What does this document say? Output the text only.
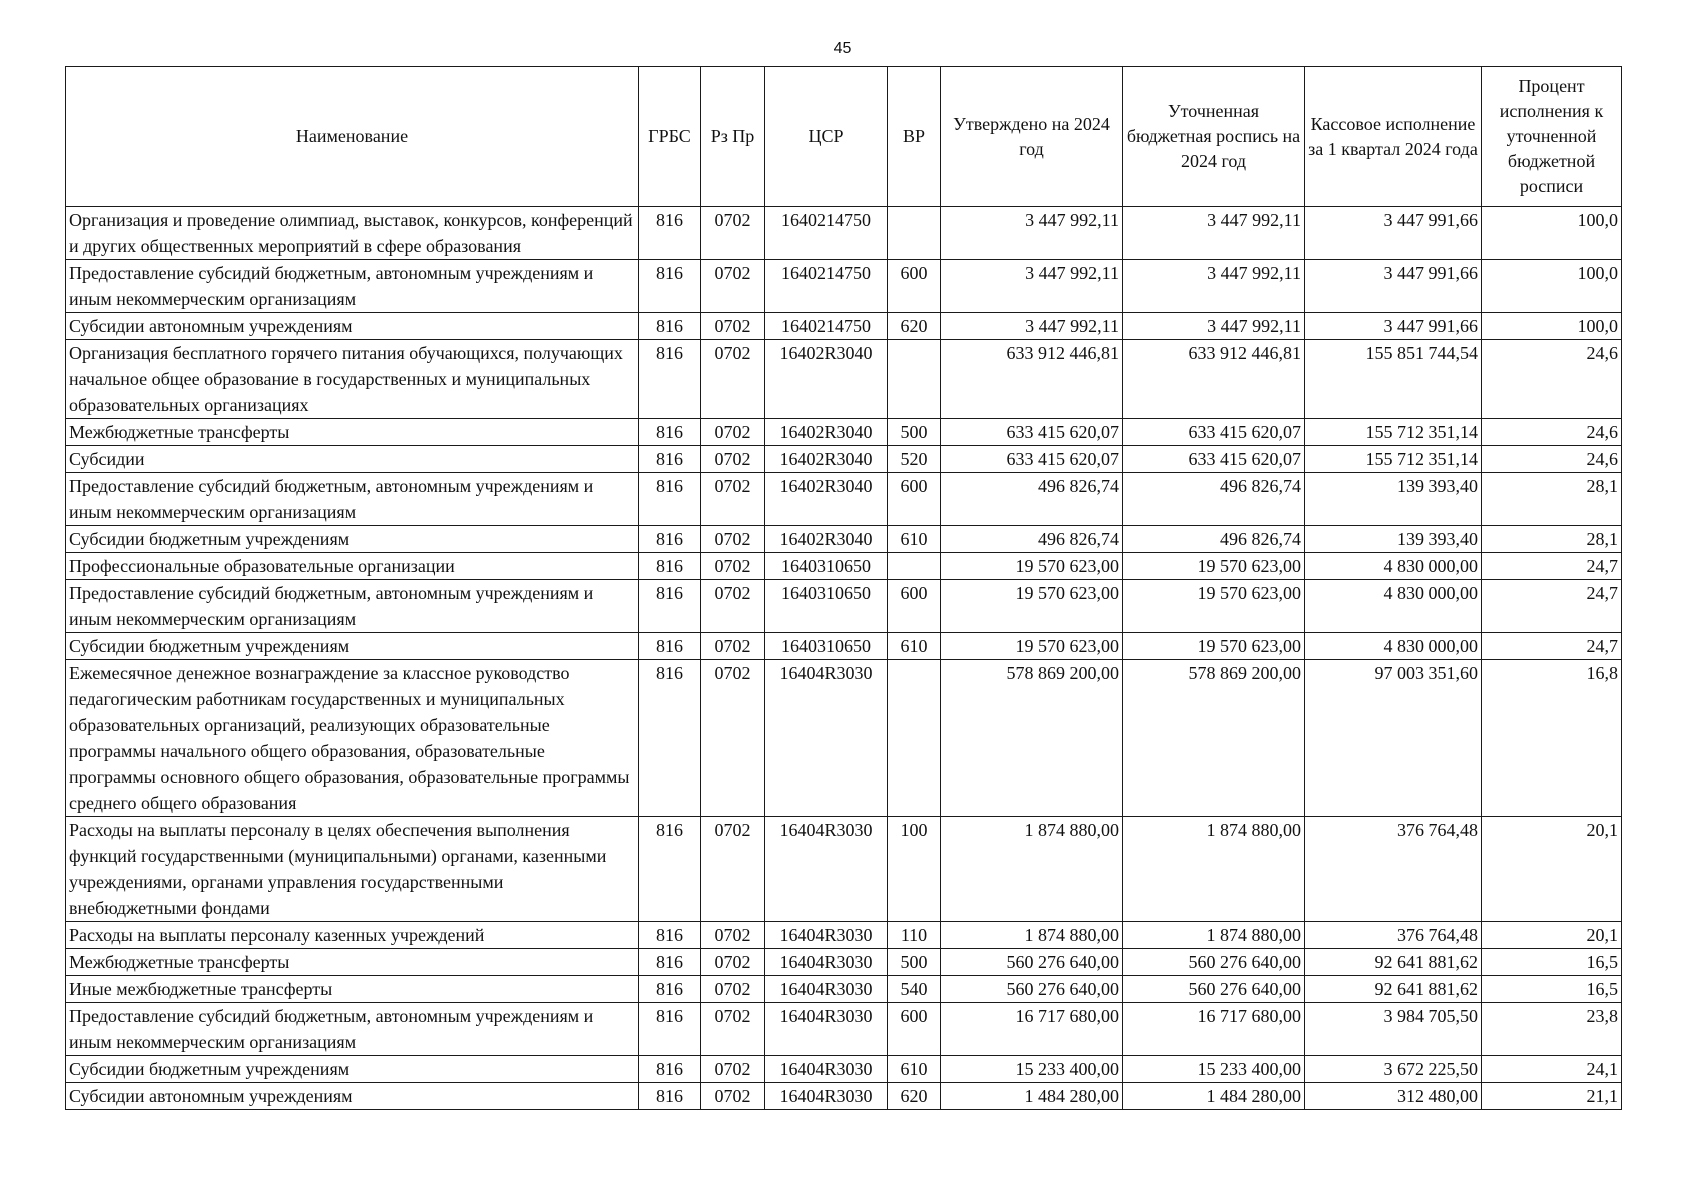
45
Наименование	ГРБС	Рз Пр	ЦСР	ВР	Утверждено на 2024 год	Уточненная бюджетная роспись на 2024 год	Кассовое исполнение за 1 квартал 2024 года	Процент исполнения к уточненной бюджетной росписи
Организация и проведение олимпиад, выставок, конкурсов, конференций и других общественных мероприятий в сфере образования	816	0702	1640214750		3 447 992,11	3 447 992,11	3 447 991,66	100,0
Предоставление субсидий бюджетным, автономным учреждениям и иным некоммерческим организациям	816	0702	1640214750	600	3 447 992,11	3 447 992,11	3 447 991,66	100,0
Субсидии автономным учреждениям	816	0702	1640214750	620	3 447 992,11	3 447 992,11	3 447 991,66	100,0
Организация бесплатного горячего питания обучающихся, получающих начальное общее образование в государственных и муниципальных образовательных организациях	816	0702	16402R3040		633 912 446,81	633 912 446,81	155 851 744,54	24,6
Межбюджетные трансферты	816	0702	16402R3040	500	633 415 620,07	633 415 620,07	155 712 351,14	24,6
Субсидии	816	0702	16402R3040	520	633 415 620,07	633 415 620,07	155 712 351,14	24,6
Предоставление субсидий бюджетным, автономным учреждениям и иным некоммерческим организациям	816	0702	16402R3040	600	496 826,74	496 826,74	139 393,40	28,1
Субсидии бюджетным учреждениям	816	0702	16402R3040	610	496 826,74	496 826,74	139 393,40	28,1
Профессиональные образовательные организации	816	0702	1640310650		19 570 623,00	19 570 623,00	4 830 000,00	24,7
Предоставление субсидий бюджетным, автономным учреждениям и иным некоммерческим организациям	816	0702	1640310650	600	19 570 623,00	19 570 623,00	4 830 000,00	24,7
Субсидии бюджетным учреждениям	816	0702	1640310650	610	19 570 623,00	19 570 623,00	4 830 000,00	24,7
Ежемесячное денежное вознаграждение за классное руководство педагогическим работникам государственных и муниципальных образовательных организаций, реализующих образовательные программы начального общего образования, образовательные программы основного общего образования, образовательные программы среднего общего образования	816	0702	16404R3030		578 869 200,00	578 869 200,00	97 003 351,60	16,8
Расходы на выплаты персоналу в целях обеспечения выполнения функций государственными (муниципальными) органами, казенными учреждениями, органами управления государственными внебюджетными фондами	816	0702	16404R3030	100	1 874 880,00	1 874 880,00	376 764,48	20,1
Расходы на выплаты персоналу казенных учреждений	816	0702	16404R3030	110	1 874 880,00	1 874 880,00	376 764,48	20,1
Межбюджетные трансферты	816	0702	16404R3030	500	560 276 640,00	560 276 640,00	92 641 881,62	16,5
Иные межбюджетные трансферты	816	0702	16404R3030	540	560 276 640,00	560 276 640,00	92 641 881,62	16,5
Предоставление субсидий бюджетным, автономным учреждениям и иным некоммерческим организациям	816	0702	16404R3030	600	16 717 680,00	16 717 680,00	3 984 705,50	23,8
Субсидии бюджетным учреждениям	816	0702	16404R3030	610	15 233 400,00	15 233 400,00	3 672 225,50	24,1
Субсидии автономным учреждениям	816	0702	16404R3030	620	1 484 280,00	1 484 280,00	312 480,00	21,1
